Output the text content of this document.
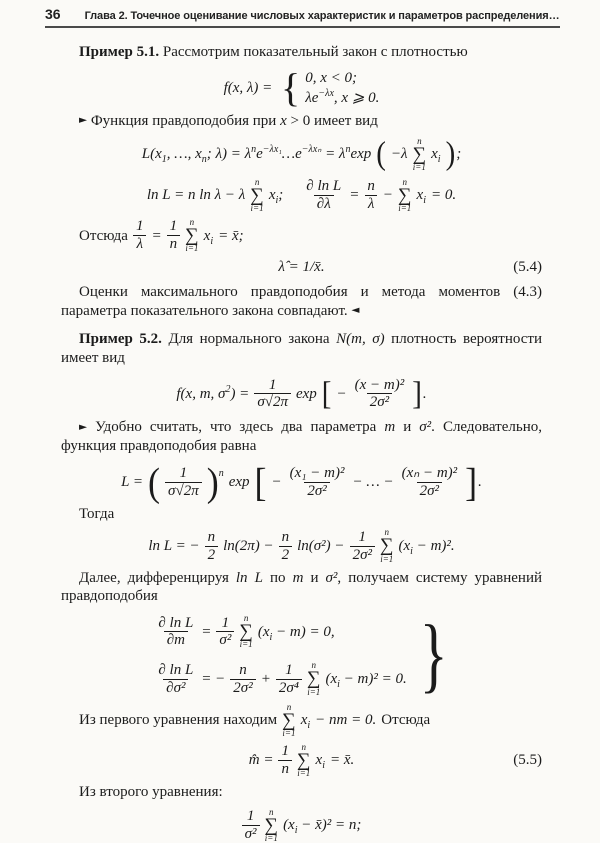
36 Глава 2. Точечное оценивание числовых характеристик и параметров распределения…

Пример 5.1. Рассмотрим показательный закон с плотностью

f(x, λ) = { 0, x < 0;
$\lambda e^{-\lambda x}$, x ⩾ 0.

► Функция правдоподобия при x > 0 имеет вид

$L(x_1$, …, $x_n$; $\lambda) = \lambda^ne^{-\lambda x_1}\dots e^{-\lambda x_n} = \lambda^n\exp$ ( −λ
n
∑
i=1
$x_i$ ) ;
ln L = n ln λ − λ
n
∑
i=1
$x_i$; $\frac{\text{∂ ln L}}{\partial\lambda} = \frac{n}{\lambda}$ −
n
∑
i=1
$x_i = 0$.
Отсюда $\frac{1}{\lambda} = \frac{1}{n}$ n
∑
i=1
$x_i$ = x̄;
λ̂ = 1/x̄.	(5.4)

Оценки максимального правдоподобия и метода моментов (4.3) параметра показательного закона совпадают. ◄

Пример 5.2. Для нормального закона N(m, σ) плотность вероятности имеет вид

f(x, m, $\sigma^2) = \frac{1}{\sigma√2\pi}$ exp [ − $\frac{\text{(x − m)²}}{\text{2σ²}}$ ] .

► Удобно считать, что здесь два параметра m и σ². Следовательно, функция правдоподобия равна

L = ( $\frac{1}{\sigma√2\pi}$ ) n
exp [ − $\frac{\text{(x₁ − m)²}}{\text{2σ²}}$ − … − $\frac{\text{(xₙ − m)²}}{\text{2σ²}}$ ] .

Тогда

ln L = − $\frac{n}{2} \ln(2\pi) - \frac{n}{2} \ln(\sigma^2) - \frac{1}{\text{2σ²}}$ n
∑
i=1
$(x_i - m)^2$.

Далее, дифференцируя ln L по m и σ², получаем систему уравнений правдоподобия

$\frac{\text{∂ ln L}}{\partial m} = \frac{1}{\text{σ²}}$ n
∑
i=1
$(x_i - m) = 0$,
$\frac{\text{∂ ln L}}{\text{∂σ²}}$ = − $\frac{n}{\text{2σ²}} + \frac{1}{\text{2σ⁴}}$ n
∑
i=1
$(x_i - m)^2 = 0$. }
Из первого уравнения находим
n
∑
i=1
$x_i$ − nm = 0. Отсюда
m̂ = $\frac{1}{n}$ n
∑
i=1
$x_i$ = x̄.	(5.5)

Из второго уравнения:

$\frac{1}{\text{σ²}}$ n
∑
i=1
($x_i$ − x̄)² = n;
